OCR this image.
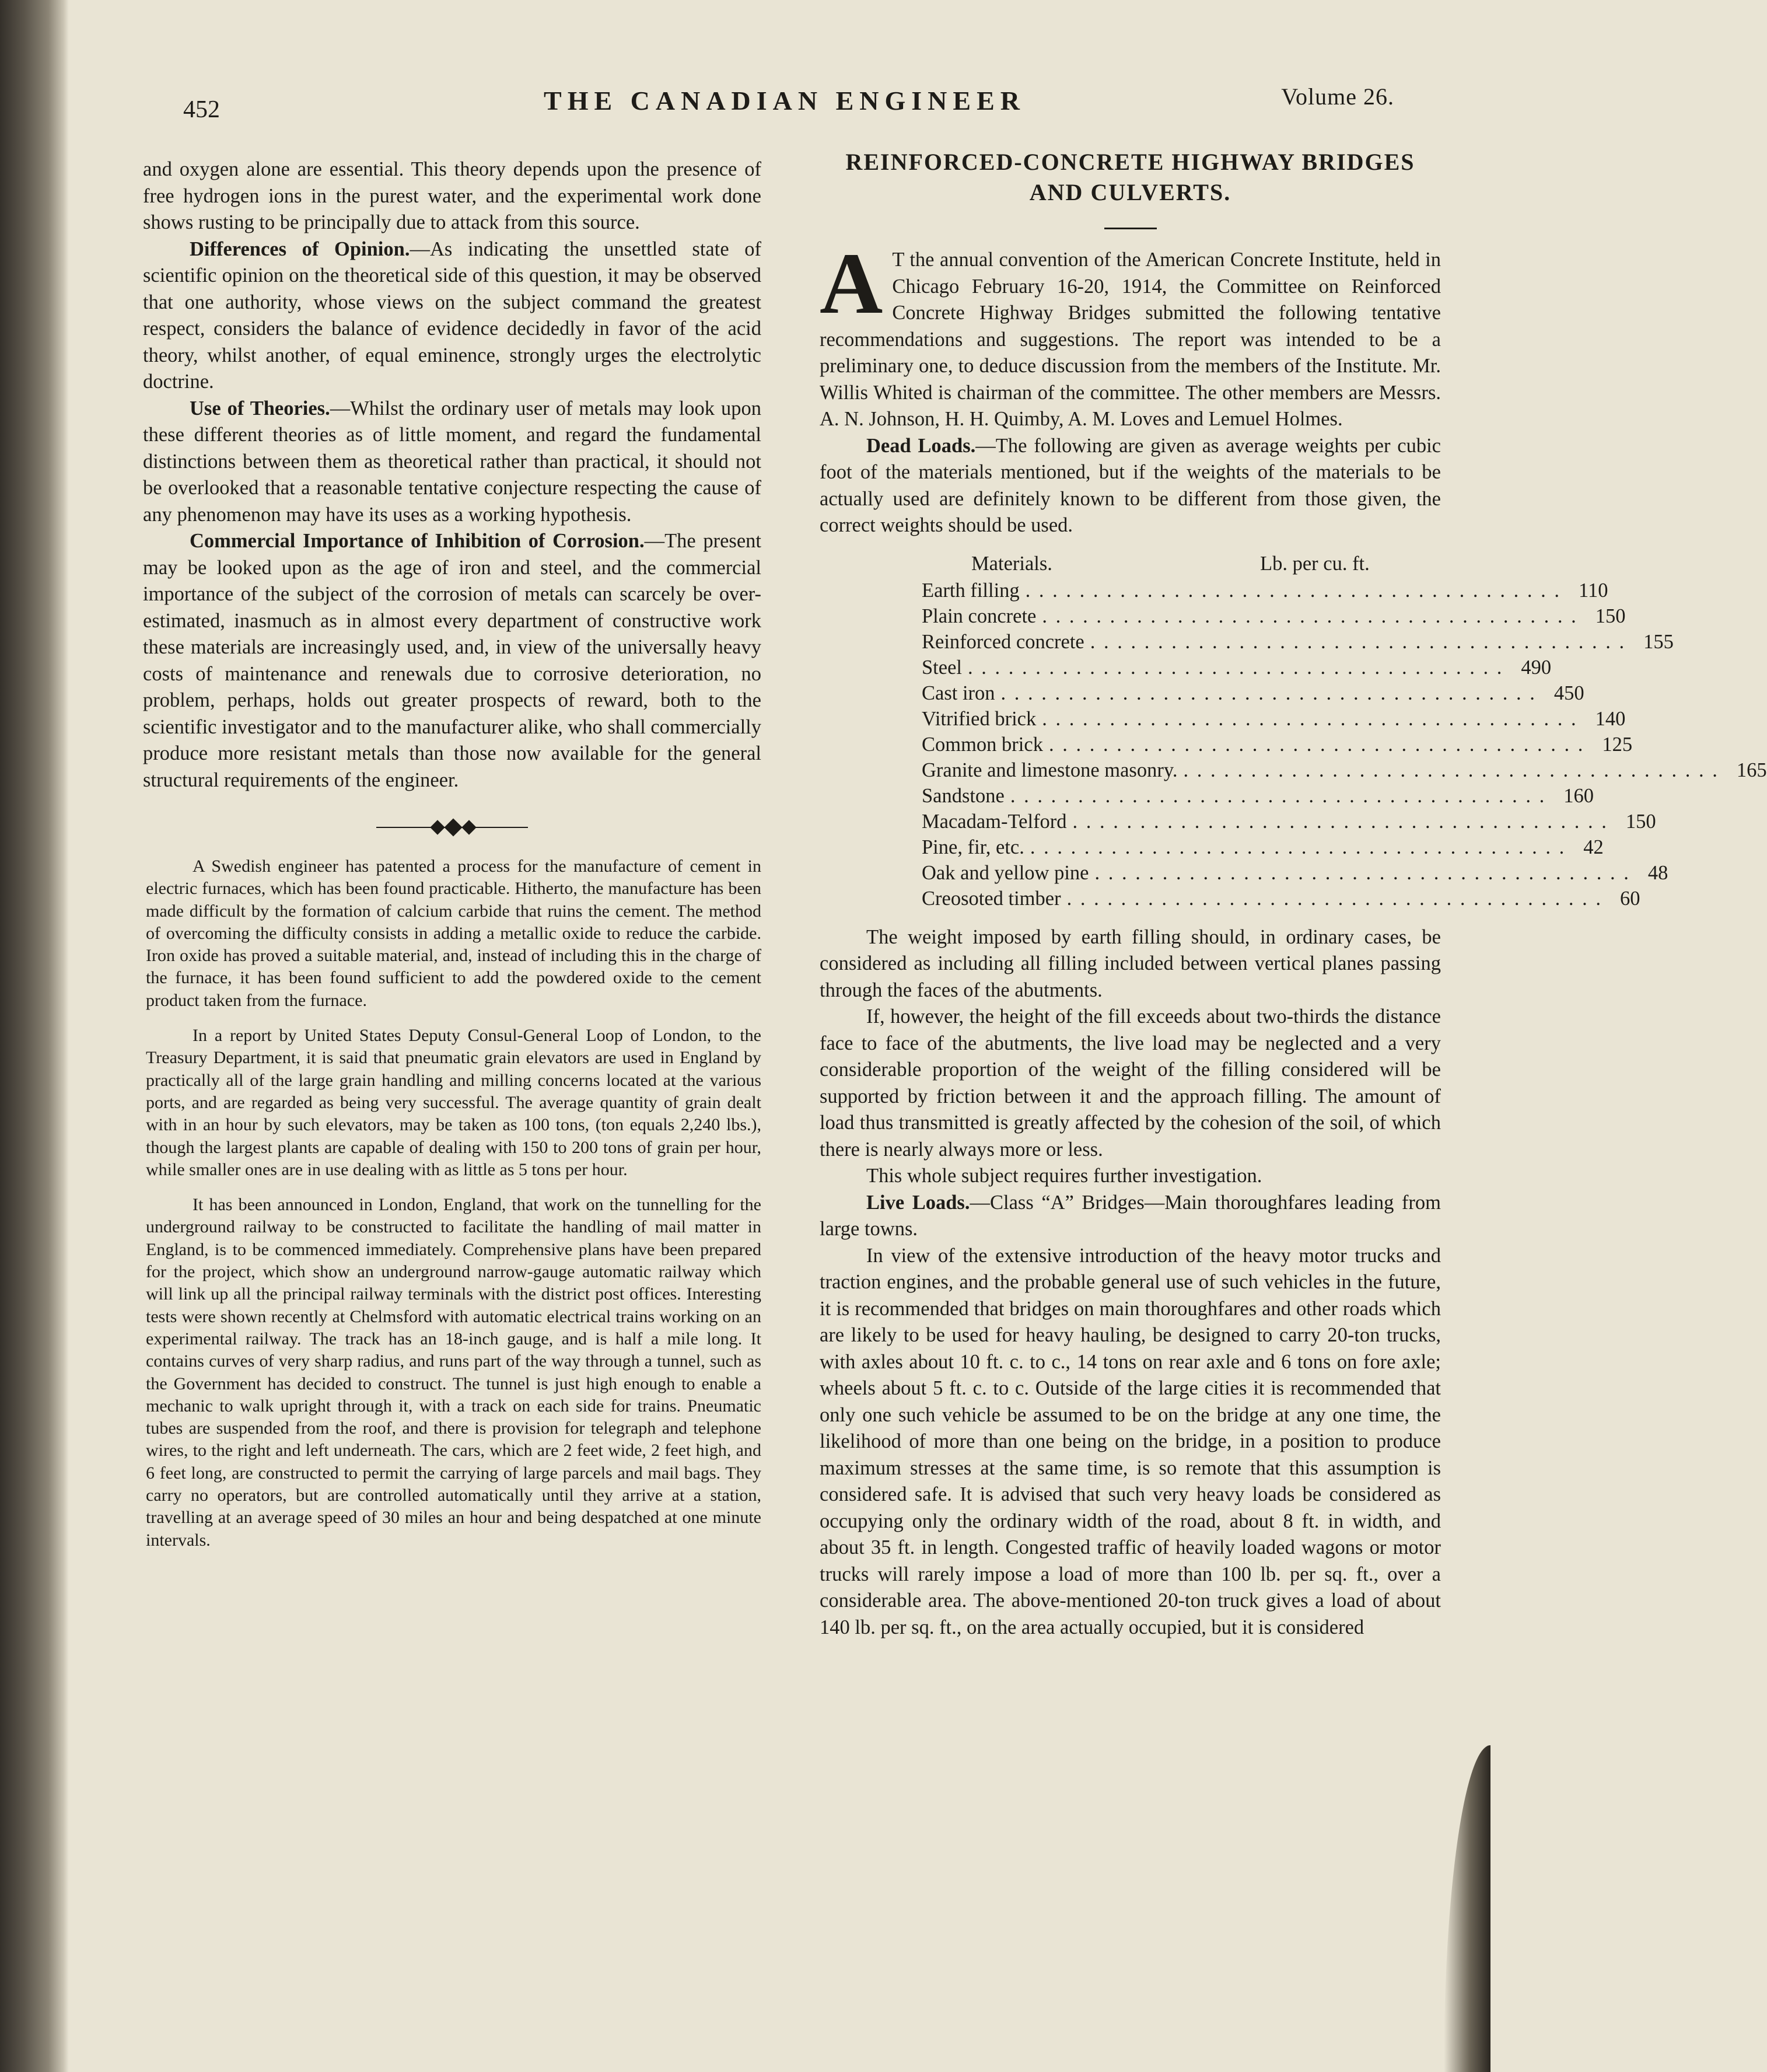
452	THE CANADIAN ENGINEER	Volume 26.

and oxygen alone are essential. This theory depends upon the presence of free hydrogen ions in the purest water, and the experimental work done shows rusting to be principally due to attack from this source.

Differences of Opinion.—As indicating the unsettled state of scientific opinion on the theoretical side of this question, it may be observed that one authority, whose views on the subject command the greatest respect, considers the balance of evidence decidedly in favor of the acid theory, whilst another, of equal eminence, strongly urges the electrolytic doctrine.

Use of Theories.—Whilst the ordinary user of metals may look upon these different theories as of little moment, and regard the fundamental distinctions between them as theoretical rather than practical, it should not be overlooked that a reasonable tentative conjecture respecting the cause of any phenomenon may have its uses as a working hypothesis.

Commercial Importance of Inhibition of Corrosion.—The present may be looked upon as the age of iron and steel, and the commercial importance of the subject of the corrosion of metals can scarcely be over-estimated, inasmuch as in almost every department of constructive work these materials are increasingly used, and, in view of the universally heavy costs of maintenance and renewals due to corrosive deterioration, no problem, perhaps, holds out greater prospects of reward, both to the scientific investigator and to the manufacturer alike, who shall commercially produce more resistant metals than those now available for the general structural requirements of the engineer.

A Swedish engineer has patented a process for the manufacture of cement in electric furnaces, which has been found practicable. Hitherto, the manufacture has been made difficult by the formation of calcium carbide that ruins the cement. The method of overcoming the difficulty consists in adding a metallic oxide to reduce the carbide. Iron oxide has proved a suitable material, and, instead of including this in the charge of the furnace, it has been found sufficient to add the powdered oxide to the cement product taken from the furnace.

In a report by United States Deputy Consul-General Loop of London, to the Treasury Department, it is said that pneumatic grain elevators are used in England by practically all of the large grain handling and milling concerns located at the various ports, and are regarded as being very successful. The average quantity of grain dealt with in an hour by such elevators, may be taken as 100 tons, (ton equals 2,240 lbs.), though the largest plants are capable of dealing with 150 to 200 tons of grain per hour, while smaller ones are in use dealing with as little as 5 tons per hour.

It has been announced in London, England, that work on the tunnelling for the underground railway to be constructed to facilitate the handling of mail matter in England, is to be commenced immediately. Comprehensive plans have been prepared for the project, which show an underground narrow-gauge automatic railway which will link up all the principal railway terminals with the district post offices. Interesting tests were shown recently at Chelmsford with automatic electrical trains working on an experimental railway. The track has an 18-inch gauge, and is half a mile long. It contains curves of very sharp radius, and runs part of the way through a tunnel, such as the Government has decided to construct. The tunnel is just high enough to enable a mechanic to walk upright through it, with a track on each side for trains. Pneumatic tubes are suspended from the roof, and there is provision for telegraph and telephone wires, to the right and left underneath. The cars, which are 2 feet wide, 2 feet high, and 6 feet long, are constructed to permit the carrying of large parcels and mail bags. They carry no operators, but are controlled automatically until they arrive at a station, travelling at an average speed of 30 miles an hour and being despatched at one minute intervals.

REINFORCED-CONCRETE HIGHWAY BRIDGES
AND CULVERTS.

A T the annual convention of the American Concrete Institute, held in Chicago February 16-20, 1914, the Committee on Reinforced Concrete Highway Bridges submitted the following tentative recommendations and suggestions. The report was intended to be a preliminary one, to deduce discussion from the members of the Institute. Mr. Willis Whited is chairman of the committee. The other members are Messrs. A. N. Johnson, H. H. Quimby, A. M. Loves and Lemuel Holmes.

Dead Loads.—The following are given as average weights per cubic foot of the materials mentioned, but if the weights of the materials to be actually used are definitely known to be different from those given, the correct weights should be used.

Materials.	Lb. per cu. ft.
Earth filling . . . . . . . . . . . . . . . . . . . . . . . . . . . . . . . . . . . . . . . . 110
Plain concrete . . . . . . . . . . . . . . . . . . . . . . . . . . . . . . . . . . . . . . . . 150
Reinforced concrete . . . . . . . . . . . . . . . . . . . . . . . . . . . . . . . . . . . . . . . . 155
Steel . . . . . . . . . . . . . . . . . . . . . . . . . . . . . . . . . . . . . . . . 490
Cast iron . . . . . . . . . . . . . . . . . . . . . . . . . . . . . . . . . . . . . . . . 450
Vitrified brick . . . . . . . . . . . . . . . . . . . . . . . . . . . . . . . . . . . . . . . . 140
Common brick . . . . . . . . . . . . . . . . . . . . . . . . . . . . . . . . . . . . . . . . 125
Granite and limestone masonry. . . . . . . . . . . . . . . . . . . . . . . . . . . . . . . . . . . . . . . . . 165
Sandstone . . . . . . . . . . . . . . . . . . . . . . . . . . . . . . . . . . . . . . . . 160
Macadam-Telford . . . . . . . . . . . . . . . . . . . . . . . . . . . . . . . . . . . . . . . . 150
Pine, fir, etc. . . . . . . . . . . . . . . . . . . . . . . . . . . . . . . . . . . . . . . . . 42
Oak and yellow pine . . . . . . . . . . . . . . . . . . . . . . . . . . . . . . . . . . . . . . . . 48
Creosoted timber . . . . . . . . . . . . . . . . . . . . . . . . . . . . . . . . . . . . . . . . 60

The weight imposed by earth filling should, in ordinary cases, be considered as including all filling included between vertical planes passing through the faces of the abutments.

If, however, the height of the fill exceeds about two-thirds the distance face to face of the abutments, the live load may be neglected and a very considerable proportion of the weight of the filling considered will be supported by friction between it and the approach filling. The amount of load thus transmitted is greatly affected by the cohesion of the soil, of which there is nearly always more or less.

This whole subject requires further investigation.

Live Loads.—Class “A” Bridges—Main thoroughfares leading from large towns.

In view of the extensive introduction of the heavy motor trucks and traction engines, and the probable general use of such vehicles in the future, it is recommended that bridges on main thoroughfares and other roads which are likely to be used for heavy hauling, be designed to carry 20-ton trucks, with axles about 10 ft. c. to c., 14 tons on rear axle and 6 tons on fore axle; wheels about 5 ft. c. to c. Outside of the large cities it is recommended that only one such vehicle be assumed to be on the bridge at any one time, the likelihood of more than one being on the bridge, in a position to produce maximum stresses at the same time, is so remote that this assumption is considered safe. It is advised that such very heavy loads be considered as occupying only the ordinary width of the road, about 8 ft. in width, and about 35 ft. in length. Congested traffic of heavily loaded wagons or motor trucks will rarely impose a load of more than 100 lb. per sq. ft., over a considerable area. The above-mentioned 20-ton truck gives a load of about 140 lb. per sq. ft., on the area actually occupied, but it is considered
